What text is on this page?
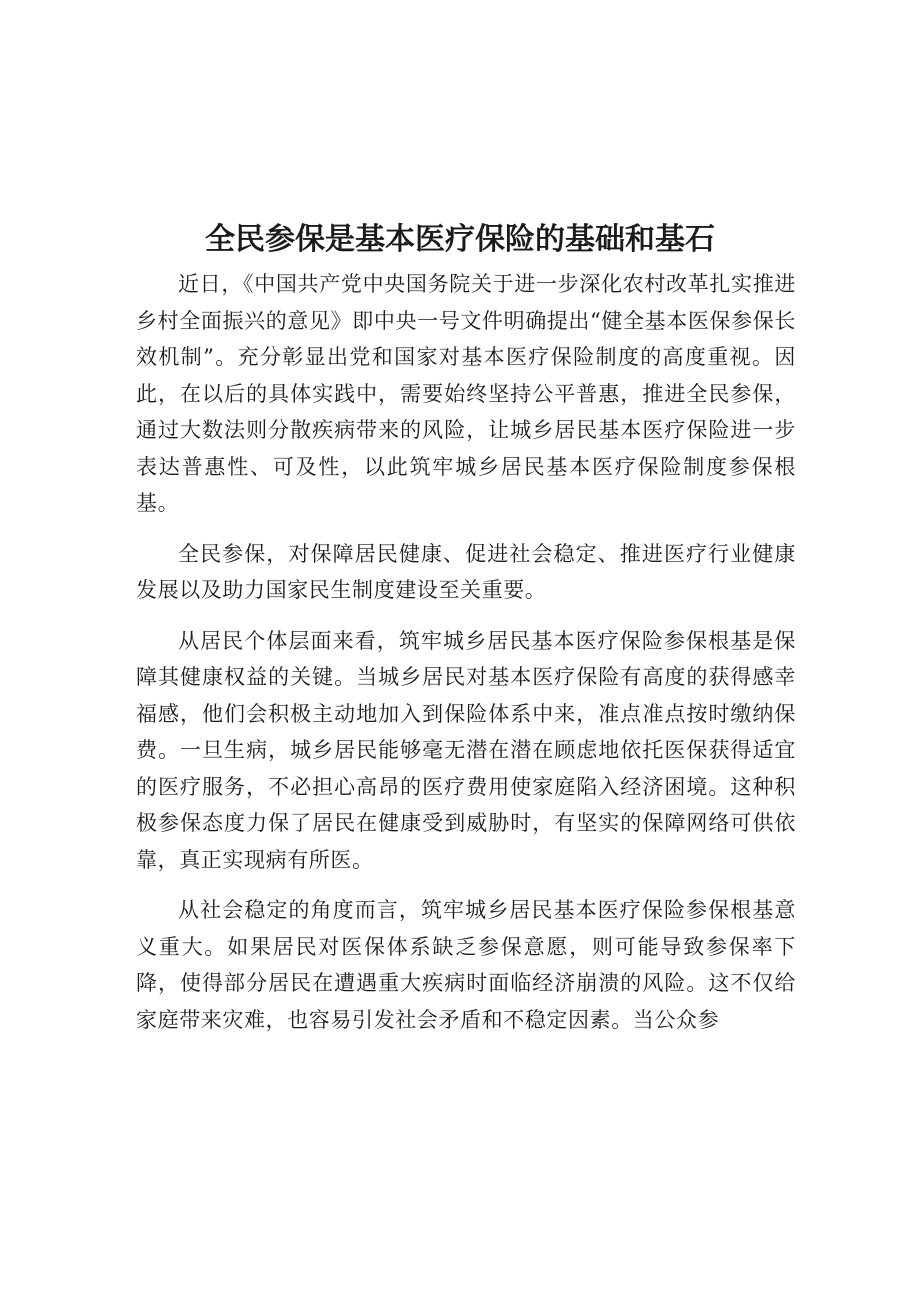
全民参保是基本医疗保险的基础和基石

近日，《中国共产党中央国务院关于进一步深化农村改革扎实推进乡村全面振兴的意见》即中央一号文件明确提出“健全基本医保参保长效机制”。充分彰显出党和国家对基本医疗保险制度的高度重视。因此，在以后的具体实践中，需要始终坚持公平普惠，推进全民参保，通过大数法则分散疾病带来的风险，让城乡居民基本医疗保险进一步表达普惠性、可及性，以此筑牢城乡居民基本医疗保险制度参保根基。

全民参保，对保障居民健康、促进社会稳定、推进医疗行业健康发展以及助力国家民生制度建设至关重要。

从居民个体层面来看，筑牢城乡居民基本医疗保险参保根基是保障其健康权益的关键。当城乡居民对基本医疗保险有高度的获得感幸福感，他们会积极主动地加入到保险体系中来，准点准点按时缴纳保费。一旦生病，城乡居民能够毫无潜在潜在顾虑地依托医保获得适宜的医疗服务，不必担心高昂的医疗费用使家庭陷入经济困境。这种积极参保态度力保了居民在健康受到威胁时，有坚实的保障网络可供依靠，真正实现病有所医。

从社会稳定的角度而言，筑牢城乡居民基本医疗保险参保根基意义重大。如果居民对医保体系缺乏参保意愿，则可能导致参保率下降，使得部分居民在遭遇重大疾病时面临经济崩溃的风险。这不仅给家庭带来灾难，也容易引发社会矛盾和不稳定因素。当公众参
